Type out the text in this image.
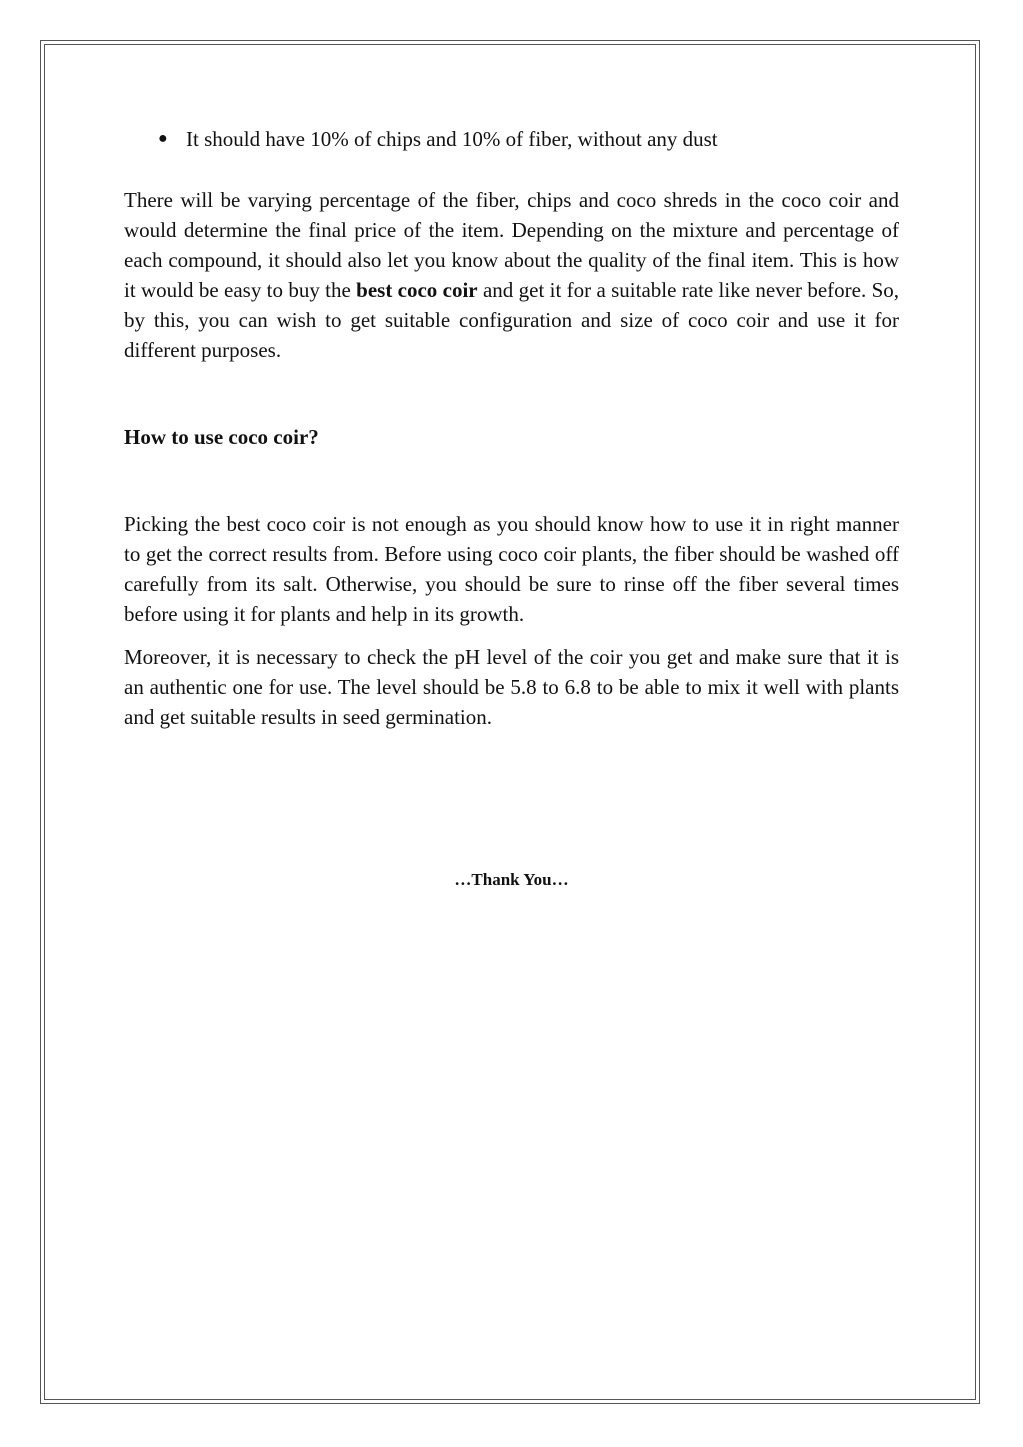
● It should have 10% of chips and 10% of fiber, without any dust

There will be varying percentage of the fiber, chips and coco shreds in the coco coir and would determine the final price of the item. Depending on the mixture and percentage of each compound, it should also let you know about the quality of the final item. This is how it would be easy to buy the best coco coir and get it for a suitable rate like never before. So, by this, you can wish to get suitable configuration and size of coco coir and use it for different purposes.

How to use coco coir?

Picking the best coco coir is not enough as you should know how to use it in right manner to get the correct results from. Before using coco coir plants, the fiber should be washed off carefully from its salt. Otherwise, you should be sure to rinse off the fiber several times before using it for plants and help in its growth.

Moreover, it is necessary to check the pH level of the coir you get and make sure that it is an authentic one for use. The level should be 5.8 to 6.8 to be able to mix it well with plants and get suitable results in seed germination.

…Thank You…
